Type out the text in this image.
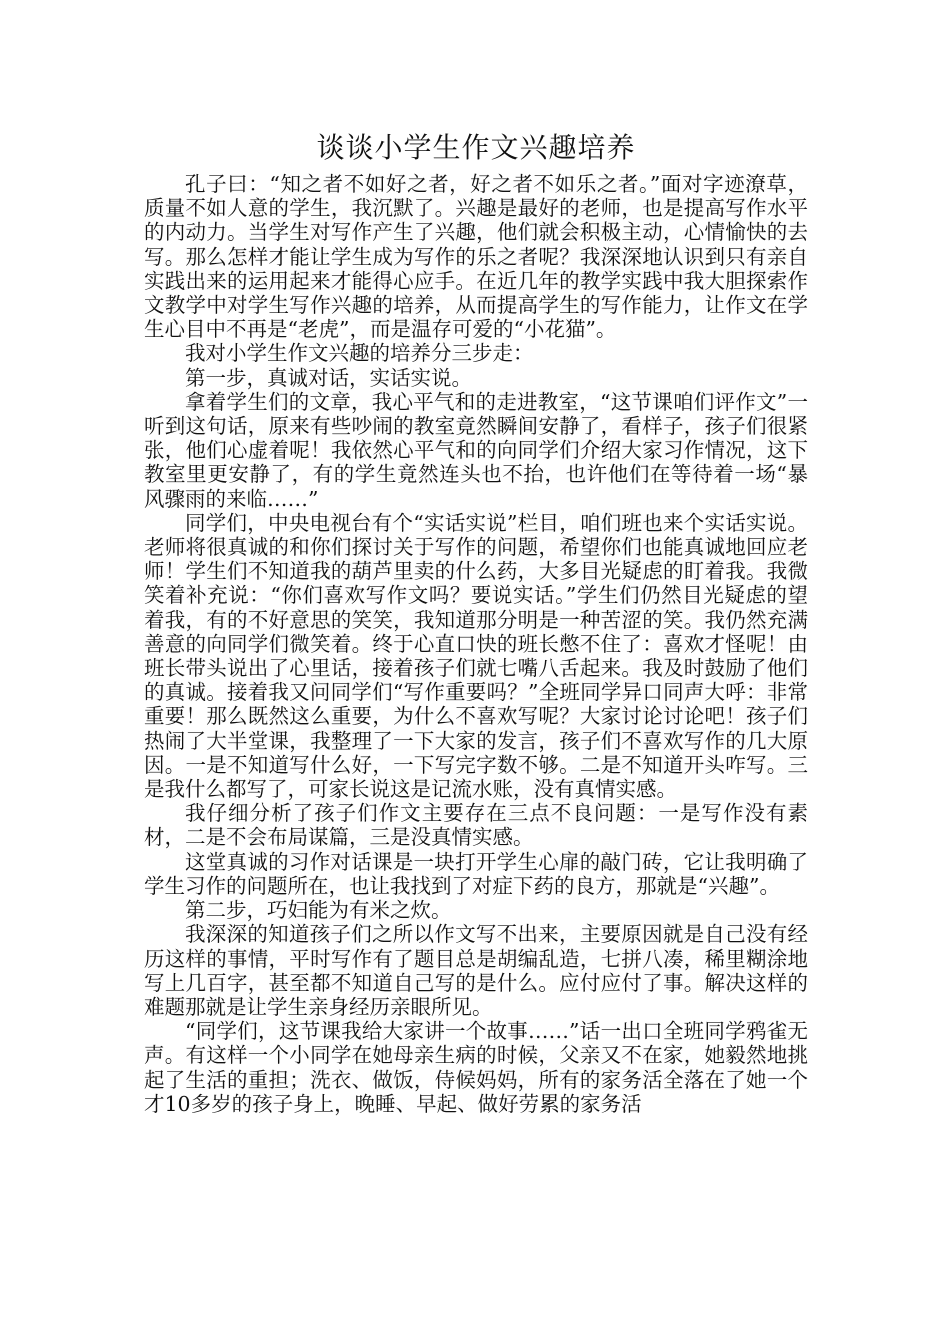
谈谈小学生作文兴趣培养

孔子曰：“知之者不如好之者，好之者不如乐之者。”面对字迹潦草，质量不如人意的学生，我沉默了。兴趣是最好的老师，也是提高写作水平的内动力。当学生对写作产生了兴趣，他们就会积极主动，心情愉快的去写。那么怎样才能让学生成为写作的乐之者呢？我深深地认识到只有亲自实践出来的运用起来才能得心应手。在近几年的教学实践中我大胆探索作文教学中对学生写作兴趣的培养，从而提高学生的写作能力，让作文在学生心目中不再是“老虎”，而是温存可爱的“小花猫”。

我对小学生作文兴趣的培养分三步走：

第一步，真诚对话，实话实说。

拿着学生们的文章，我心平气和的走进教室，“这节课咱们评作文”一听到这句话，原来有些吵闹的教室竟然瞬间安静了，看样子，孩子们很紧张，他们心虚着呢！我依然心平气和的向同学们介绍大家习作情况，这下教室里更安静了，有的学生竟然连头也不抬，也许他们在等待着一场“暴风骤雨的来临……”

同学们，中央电视台有个“实话实说”栏目，咱们班也来个实话实说。老师将很真诚的和你们探讨关于写作的问题，希望你们也能真诚地回应老师！学生们不知道我的葫芦里卖的什么药，大多目光疑虑的盯着我。我微笑着补充说：“你们喜欢写作文吗？要说实话。”学生们仍然目光疑虑的望着我，有的不好意思的笑笑，我知道那分明是一种苦涩的笑。我仍然充满善意的向同学们微笑着。终于心直口快的班长憋不住了：喜欢才怪呢！由班长带头说出了心里话，接着孩子们就七嘴八舌起来。我及时鼓励了他们的真诚。接着我又问同学们“写作重要吗？”全班同学异口同声大呼：非常重要！那么既然这么重要，为什么不喜欢写呢？大家讨论讨论吧！孩子们热闹了大半堂课，我整理了一下大家的发言，孩子们不喜欢写作的几大原因。一是不知道写什么好，一下写完字数不够。二是不知道开头咋写。三是我什么都写了，可家长说这是记流水账，没有真情实感。

我仔细分析了孩子们作文主要存在三点不良问题：一是写作没有素材，二是不会布局谋篇，三是没真情实感。

这堂真诚的习作对话课是一块打开学生心扉的敲门砖，它让我明确了学生习作的问题所在，也让我找到了对症下药的良方，那就是“兴趣”。

第二步，巧妇能为有米之炊。

我深深的知道孩子们之所以作文写不出来，主要原因就是自己没有经历这样的事情，平时写作有了题目总是胡编乱造，七拼八凑，稀里糊涂地写上几百字，甚至都不知道自己写的是什么。应付应付了事。解决这样的难题那就是让学生亲身经历亲眼所见。

“同学们，这节课我给大家讲一个故事……”话一出口全班同学鸦雀无声。有这样一个小同学在她母亲生病的时候，父亲又不在家，她毅然地挑起了生活的重担；洗衣、做饭，侍候妈妈，所有的家务活全落在了她一个才10多岁的孩子身上，晚睡、早起、做好劳累的家务活
